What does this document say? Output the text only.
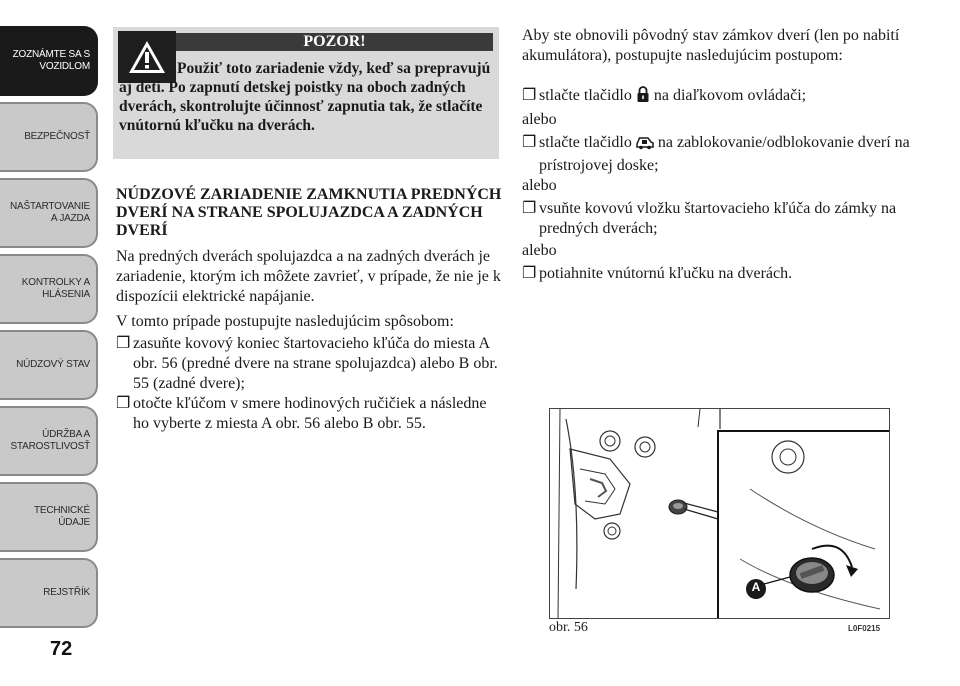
ZOZNÁMTE SA S
VOZIDLOM
BEZPEČNOSŤ
NAŠTARTOVANIE
A JAZDA
KONTROLKY A
HLÁSENIA
NÚDZOVÝ STAV
ÚDRŽBA A
STAROSTLIVOSŤ
TECHNICKÉ
ÚDAJE
REJSTŘÍK
72
POZOR!
Použiť toto zariadenie vždy, keď sa prepravujú aj deti. Po zapnutí detskej poistky na oboch zadných dverách, skontrolujte účinnosť zapnutia tak, že stlačíte vnútornú kľučku na dverách.
NÚDZOVÉ ZARIADENIE ZAMKNUTIA PREDNÝCH DVERÍ NA STRANE SPOLUJAZDCA A ZADNÝCH DVERÍ
Na predných dverách spolujazdca a na zadných dverách je zariadenie, ktorým ich môžete zavrieť, v prípade, že nie je k dispozícii elektrické napájanie.
V tomto prípade postupujte nasledujúcim spôsobom:
❐ zasuňte kovový koniec štartovacieho kľúča do miesta A obr. 56 (predné dvere na strane spolujazdca) alebo B obr. 55 (zadné dvere);
❐ otočte kľúčom v smere hodinových ručičiek a následne ho vyberte z miesta A obr. 56 alebo B obr. 55.
Aby ste obnovili pôvodný stav zámkov dverí (len po nabití akumulátora), postupujte nasledujúcim postupom:
❐ stlačte tlačidlo na diaľkovom ovládači;
alebo
❐ stlačte tlačidlo na zablokovanie/odblokovanie dverí na prístrojovej doske;
alebo
❐ vsuňte kovovú vložku štartovacieho kľúča do zámky na predných dverách;
alebo
❐ potiahnite vnútornú kľučku na dverách.
A
obr. 56	L0F0215
